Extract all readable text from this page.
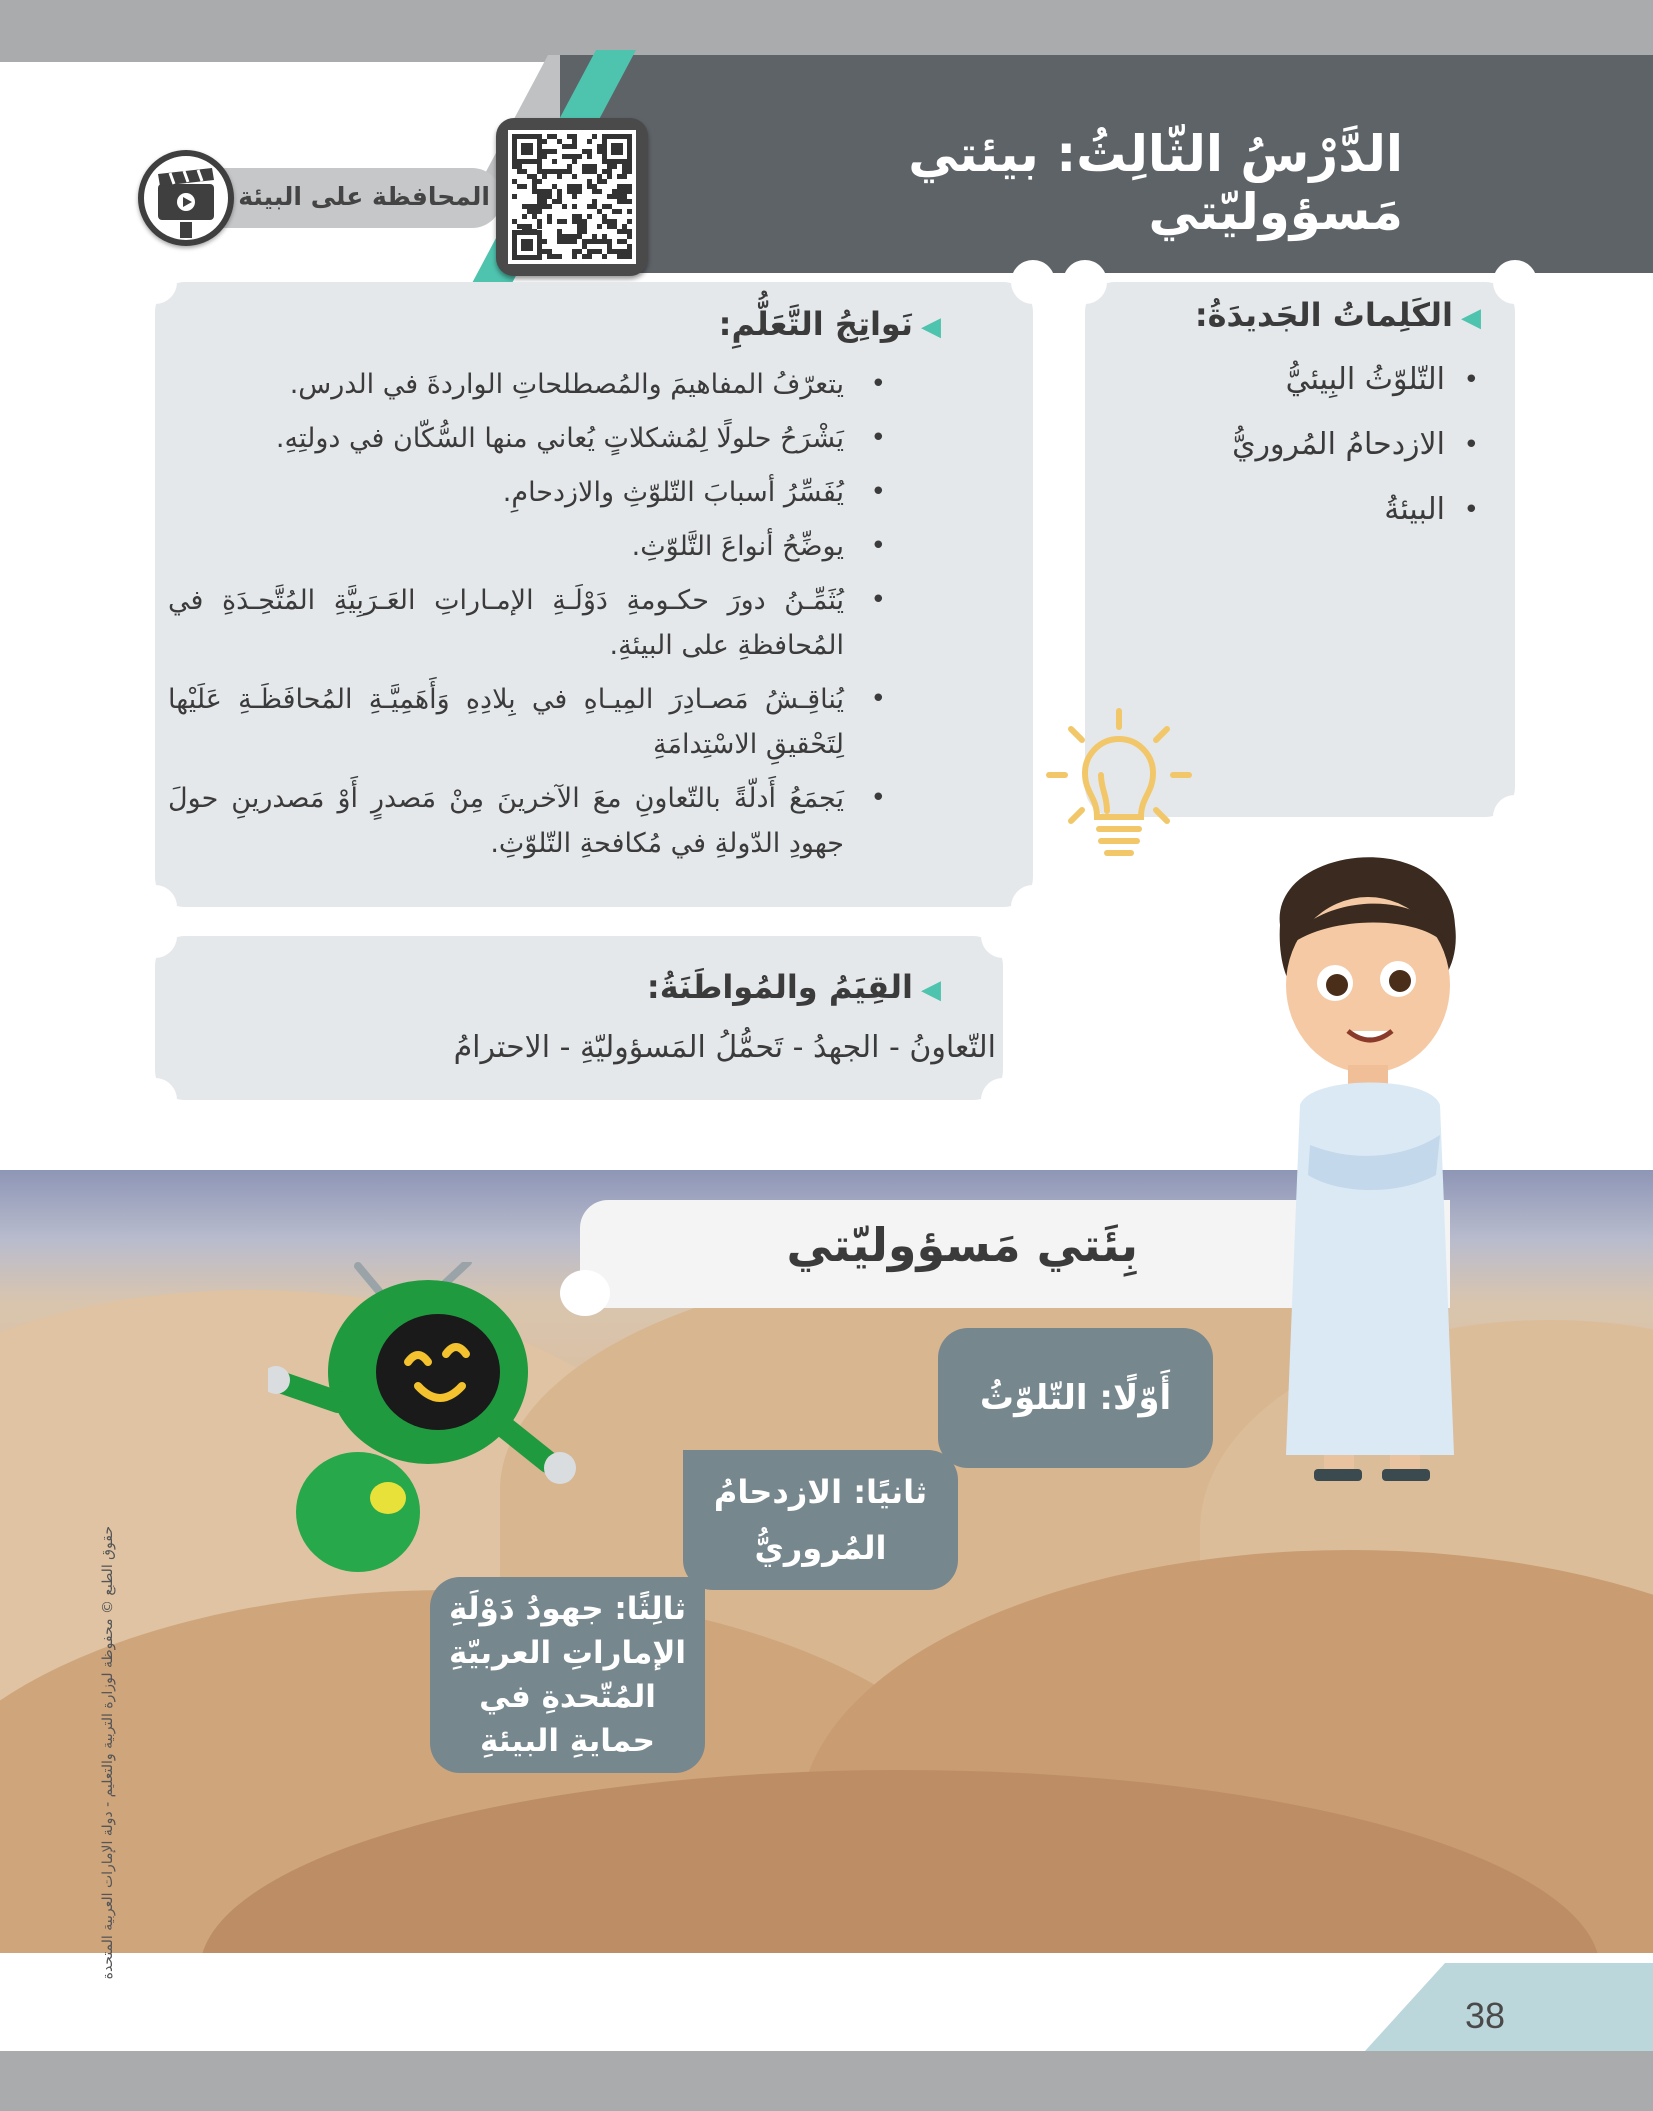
الدَّرْسُ الثّالِثُ: بيئتي مَسؤوليّتي
المحافظة على البيئة
◀نَواتِجُ التَّعَلُّمِ:
• يتعرّفُ المفاهيمَ والمُصطلحاتِ الواردةَ في الدرس.
• يَشْرَحُ حلولًا لِمُشكلاتٍ يُعاني منها السُّكّان في دولتِهِ.
• يُفَسِّرُ أسبابَ التّلوّثِ والازدحامِ.
• يوضِّحُ أنواعَ التَّلوّثِ.
• يُثَمِّـنُ دورَ حكـومةِ دَوْلَـةِ الإمـاراتِ العَـرَبِيَّةِ المُتَّحِـدَةِ في المُحافظةِ على البيئةِ.
• يُناقِـشُ مَصـادِرَ المِيـاهِ في بِلادِهِ وَأَهَمِيَّـةِ المُحافَظَـةِ عَلَيْها لِتَحْقيقِ الاسْتِدامَةِ
• يَجمَعُ أَدلّةً بالتّعاونِ معَ الآخرينَ مِنْ مَصدرٍ أَوْ مَصدرينِ حولَ جهودِ الدّولةِ في مُكافحةِ التّلوّثِ.
◀الكَلِماتُ الجَديدَةُ:
• التّلوّثُ البِيئيُّ
• الازدحامُ المُروريُّ
• البيئةُ
◀القِيَمُ والمُواطَنَةُ:

التّعاونُ - الجهدُ - تَحمُّلُ المَسؤوليّةِ - الاحترامُ

بِئَتي مَسؤوليّتي
أَوّلًا: التّلوّثُ
ثانيًا: الازدحامُ المُروريُّ
ثالِثًا: جهودُ دَوْلَةِ الإماراتِ العربيّةِ المُتّحدةِ في حمايةِ البيئةِ
حقوق الطبع © محفوظة لوزارة التربية والتعليم - دولة الإمارات العربية المتحدة
38
